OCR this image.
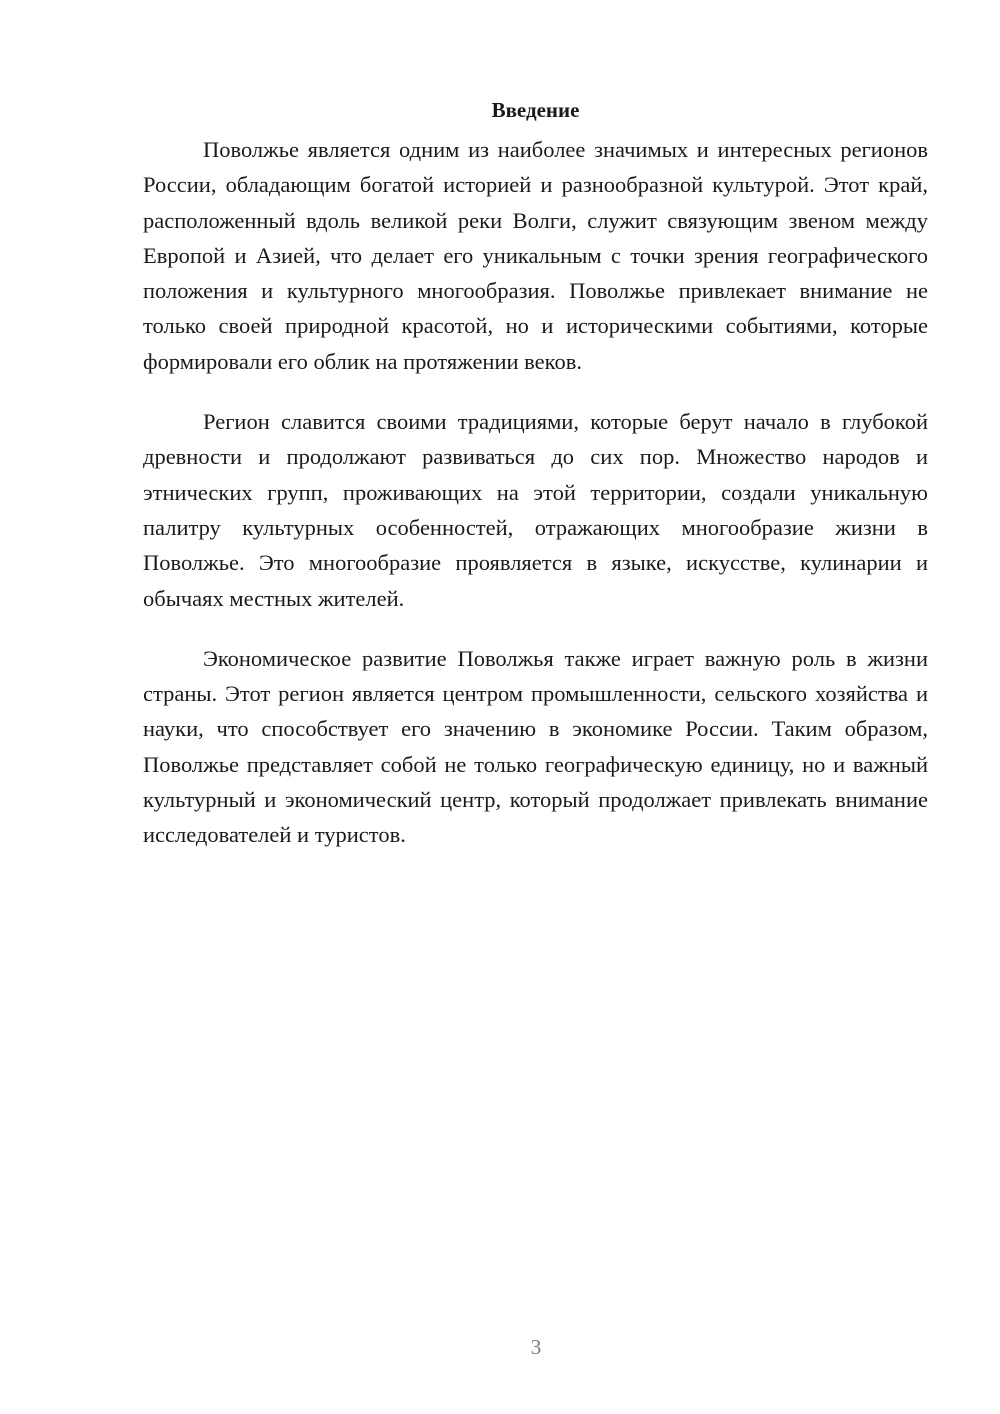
Введение

Поволжье является одним из наиболее значимых и интересных регионов России, обладающим богатой историей и разнообразной культурой. Этот край, расположенный вдоль великой реки Волги, служит связующим звеном между Европой и Азией, что делает его уникальным с точки зрения географического положения и культурного многообразия. Поволжье привлекает внимание не только своей природной красотой, но и историческими событиями, которые формировали его облик на протяжении веков.

Регион славится своими традициями, которые берут начало в глубокой древности и продолжают развиваться до сих пор. Множество народов и этнических групп, проживающих на этой территории, создали уникальную палитру культурных особенностей, отражающих многообразие жизни в Поволжье. Это многообразие проявляется в языке, искусстве, кулинарии и обычаях местных жителей.

Экономическое развитие Поволжья также играет важную роль в жизни страны. Этот регион является центром промышленности, сельского хозяйства и науки, что способствует его значению в экономике России. Таким образом, Поволжье представляет собой не только географическую единицу, но и важный культурный и экономический центр, который продолжает привлекать внимание исследователей и туристов.

3
